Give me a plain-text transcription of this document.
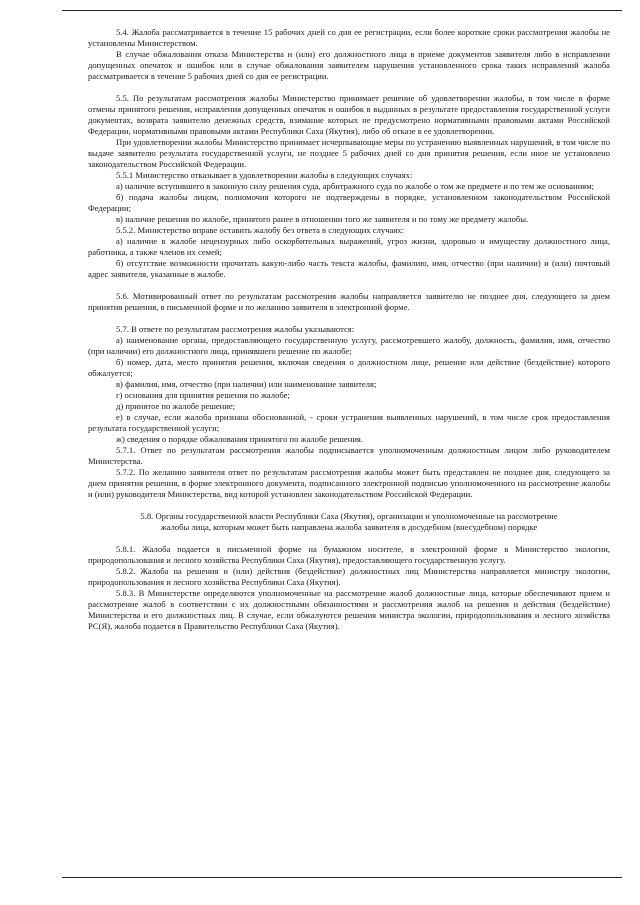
5.4. Жалоба рассматривается в течение 15 рабочих дней со дня ее регистрации, если более короткие сроки рассмотрения жалобы не установлены Министерством.

В случае обжалования отказа Министерства и (или) его должностного лица в приеме документов заявителя либо в исправлении допущенных опечаток и ошибок или в случае обжалования заявителем нарушения установленного срока таких исправлений жалоба рассматривается в течение 5 рабочих дней со дня ее регистрации.

5.5. По результатам рассмотрения жалобы Министерство принимает решение об удовлетворении жалобы, в том числе в форме отмены принятого решения, исправления допущенных опечаток и ошибок в выданных в результате предоставления государственной услуги документах, возврата заявителю денежных средств, взимание которых не предусмотрено нормативными правовыми актами Российской Федерации, нормативными правовыми актами Республики Саха (Якутия), либо об отказе в ее удовлетворении.

При удовлетворении жалобы Министерство принимает исчерпывающие меры по устранению выявленных нарушений, в том числе по выдаче заявителю результата государственной услуги, не позднее 5 рабочих дней со дня принятия решения, если иное не установлено законодательством Российской Федерации.

5.5.1 Министерство отказывает в удовлетворении жалобы в следующих случаях:

а) наличие вступившего в законную силу решения суда, арбитражного суда по жалобе о том же предмете и по тем же основаниям;

б) подача жалобы лицом, полномочия которого не подтверждены в порядке, установленном законодательством Российской Федерации;

в) наличие решения по жалобе, принятого ранее в отношении того же заявителя и по тому же предмету жалобы.

5.5.2. Министерство вправе оставить жалобу без ответа в следующих случаях:

а) наличие в жалобе нецензурных либо оскорбительных выражений, угроз жизни, здоровью и имуществу должностного лица, работника, а также членов их семей;

б) отсутствие возможности прочитать какую-либо часть текста жалобы, фамилию, имя, отчество (при наличии) и (или) почтовый адрес заявителя, указанные в жалобе.

5.6. Мотивированный ответ по результатам рассмотрения жалобы направляется заявителю не позднее дня, следующего за днем принятия решения, в письменной форме и по желанию заявителя в электронной форме.

5.7. В ответе по результатам рассмотрения жалобы указываются:

а) наименование органа, предоставляющего государственную услугу, рассмотревшего жалобу, должность, фамилия, имя, отчество (при наличии) его должностного лица, принявшего решение по жалобе;

б) номер, дата, место принятия решения, включая сведения о должностном лице, решение или действие (бездействие) которого обжалуется;

в) фамилия, имя, отчество (при наличии) или наименование заявителя;

г) основания для принятия решения по жалобе;

д) принятое по жалобе решение;

е) в случае, если жалоба признана обоснованной, - сроки устранения выявленных нарушений, в том числе срок предоставления результата государственной услуги;

ж) сведения о порядке обжалования принятого по жалобе решения.

5.7.1. Ответ по результатам рассмотрения жалобы подписывается уполномоченным должностным лицом либо руководителем Министерства.

5.7.2. По желанию заявителя ответ по результатам рассмотрения жалобы может быть представлен не позднее дня, следующего за днем принятия решения, в форме электронного документа, подписанного электронной подписью уполномоченного на рассмотрение жалобы и (или) руководителя Министерства, вид которой установлен законодательством Российской Федерации.

5.8. Органы государственной власти Республики Саха (Якутия), организации и уполномоченные на рассмотрение жалобы лица, которым может быть направлена жалоба заявителя в досудебном (внесудебном) порядке

5.8.1. Жалоба подается в письменной форме на бумажном носителе, в электронной форме в Министерство экологии, природопользования и лесного хозяйства Республики Саха (Якутия), предоставляющего государственную услугу.

5.8.2. Жалоба на решения и (или) действия (бездействие) должностных лиц Министерства направляется министру экологии, природопользования и лесного хозяйства Республики Саха (Якутия).

5.8.3. В Министерстве определяются уполномоченные на рассмотрение жалоб должностные лица, которые обеспечивают прием и рассмотрение жалоб в соответствии с их должностными обязанностями и рассмотрения жалоб на решения и действия (бездействие) Министерства и его должностных лиц. В случае, если обжалуются решения министра экологии, природопользования и лесного хозяйства РС(Я), жалоба подается в Правительство Республики Саха (Якутия).
